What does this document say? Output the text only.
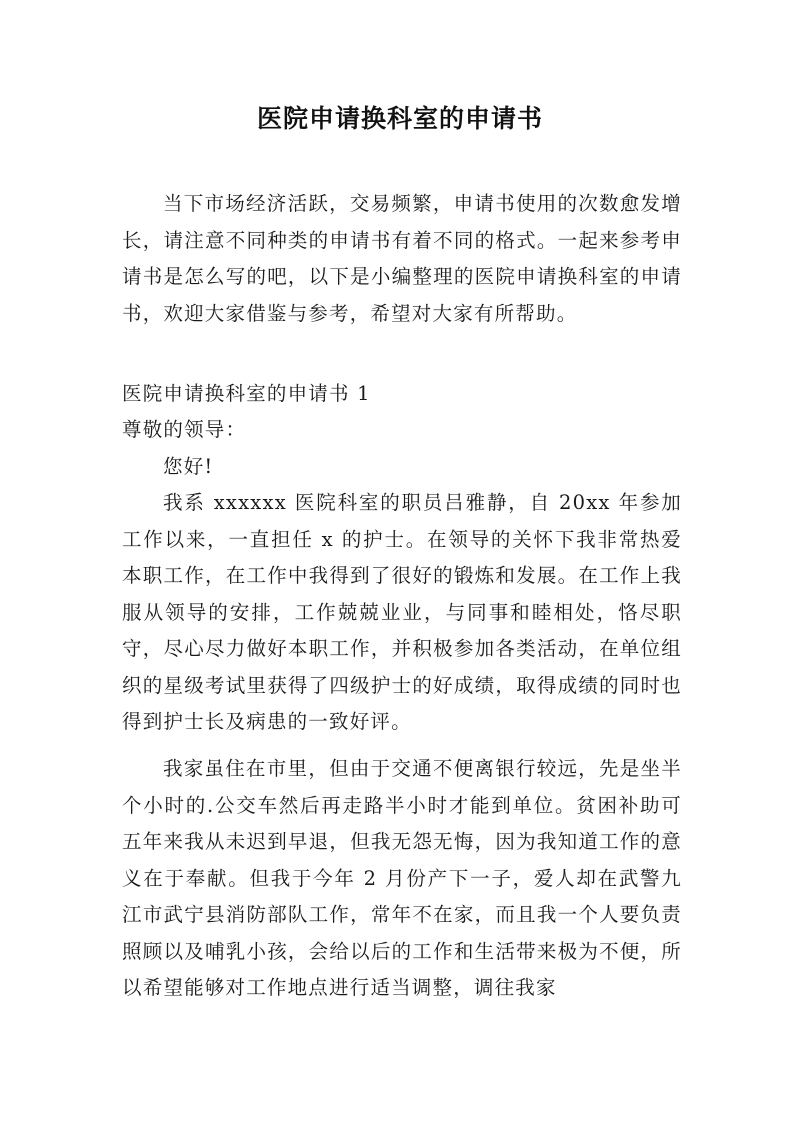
医院申请换科室的申请书

当下市场经济活跃，交易频繁，申请书使用的次数愈发增长，请注意不同种类的申请书有着不同的格式。一起来参考申请书是怎么写的吧，以下是小编整理的医院申请换科室的申请书，欢迎大家借鉴与参考，希望对大家有所帮助。

医院申请换科室的申请书 1

尊敬的领导：

您好!

我系 xxxxxx 医院科室的职员吕雅静，自 20xx 年参加工作以来，一直担任 x 的护士。在领导的关怀下我非常热爱本职工作，在工作中我得到了很好的锻炼和发展。在工作上我服从领导的安排，工作兢兢业业，与同事和睦相处，恪尽职守，尽心尽力做好本职工作，并积极参加各类活动，在单位组织的星级考试里获得了四级护士的好成绩，取得成绩的同时也得到护士长及病患的一致好评。

我家虽住在市里，但由于交通不便离银行较远，先是坐半个小时的.公交车然后再走路半小时才能到单位。贫困补助可五年来我从未迟到早退，但我无怨无悔，因为我知道工作的意义在于奉献。但我于今年 2 月份产下一子，爱人却在武警九江市武宁县消防部队工作，常年不在家，而且我一个人要负责照顾以及哺乳小孩，会给以后的工作和生活带来极为不便，所以希望能够对工作地点进行适当调整，调往我家
